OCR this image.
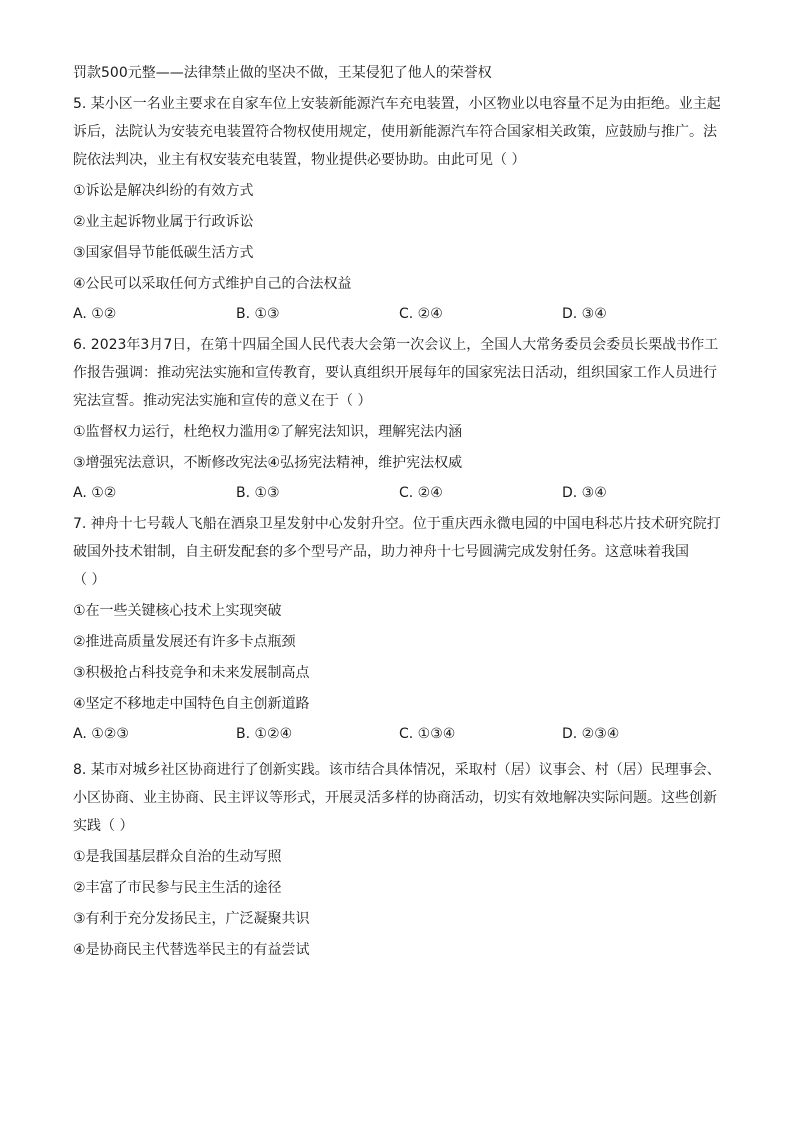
罚款500元整——法律禁止做的坚决不做，王某侵犯了他人的荣誉权
5. 某小区一名业主要求在自家车位上安装新能源汽车充电装置，小区物业以电容量不足为由拒绝。业主起
诉后，法院认为安装充电装置符合物权使用规定，使用新能源汽车符合国家相关政策，应鼓励与推广。法
院依法判决，业主有权安装充电装置，物业提供必要协助。由此可见（ ）
①诉讼是解决纠纷的有效方式
②业主起诉物业属于行政诉讼
③国家倡导节能低碳生活方式
④公民可以采取任何方式维护自己的合法权益
A. ①②	B. ①③	C. ②④	D. ③④
6. 2023年3月7日，在第十四届全国人民代表大会第一次会议上，全国人大常务委员会委员长栗战书作工
作报告强调：推动宪法实施和宣传教育，要认真组织开展每年的国家宪法日活动，组织国家工作人员进行
宪法宣誓。推动宪法实施和宣传的意义在于（ ）
①监督权力运行，杜绝权力滥用②了解宪法知识，理解宪法内涵
③增强宪法意识，不断修改宪法④弘扬宪法精神，维护宪法权威
A. ①②	B. ①③	C. ②④	D. ③④
7. 神舟十七号载人飞船在酒泉卫星发射中心发射升空。位于重庆西永微电园的中国电科芯片技术研究院打
破国外技术钳制，自主研发配套的多个型号产品，助力神舟十七号圆满完成发射任务。这意味着我国
（ ）
①在一些关键核心技术上实现突破
②推进高质量发展还有许多卡点瓶颈
③积极抢占科技竞争和未来发展制高点
④坚定不移地走中国特色自主创新道路
A. ①②③	B. ①②④	C. ①③④	D. ②③④
8. 某市对城乡社区协商进行了创新实践。该市结合具体情况，采取村（居）议事会、村（居）民理事会、
小区协商、业主协商、民主评议等形式，开展灵活多样的协商活动，切实有效地解决实际问题。这些创新
实践（ ）
①是我国基层群众自治的生动写照
②丰富了市民参与民主生活的途径
③有利于充分发扬民主，广泛凝聚共识
④是协商民主代替选举民主的有益尝试
